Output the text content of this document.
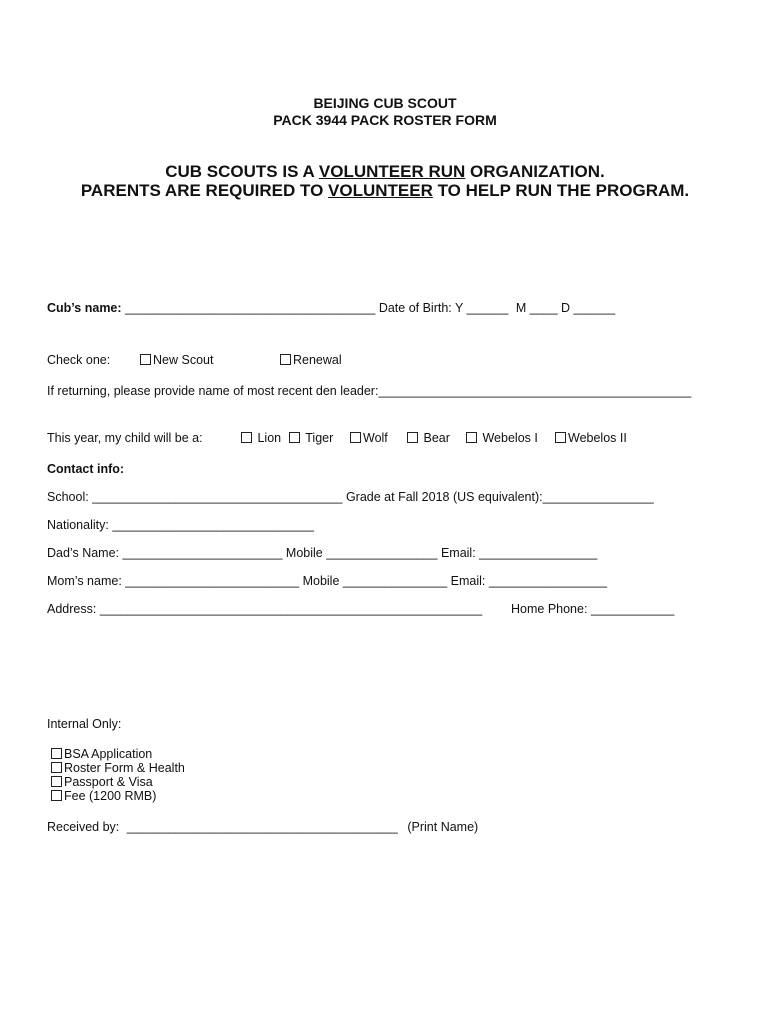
BEIJING CUB SCOUT
PACK 3944 PACK ROSTER FORM
CUB SCOUTS IS A VOLUNTEER RUN ORGANIZATION.
PARENTS ARE REQUIRED TO VOLUNTEER TO HELP RUN THE PROGRAM.
Cub’s name: ____________________________________ Date of Birth: Y ______ M ____ D ______
Check one:	New Scout	Renewal
If returning, please provide name of most recent den leader:_____________________________________________
This year, my child will be a:	Lion	Tiger	Wolf	Bear	Webelos I	Webelos II
Contact info:
School: ____________________________________ Grade at Fall 2018 (US equivalent):________________
Nationality: _____________________________
Dad’s Name: _______________________ Mobile ________________ Email: _________________
Mom’s name: _________________________ Mobile _______________ Email: _________________
Address: _______________________________________________________ Home Phone: ____________
Internal Only:
BSA Application
Roster Form & Health
Passport & Visa
Fee (1200 RMB)
Received by: _______________________________________ (Print Name)
